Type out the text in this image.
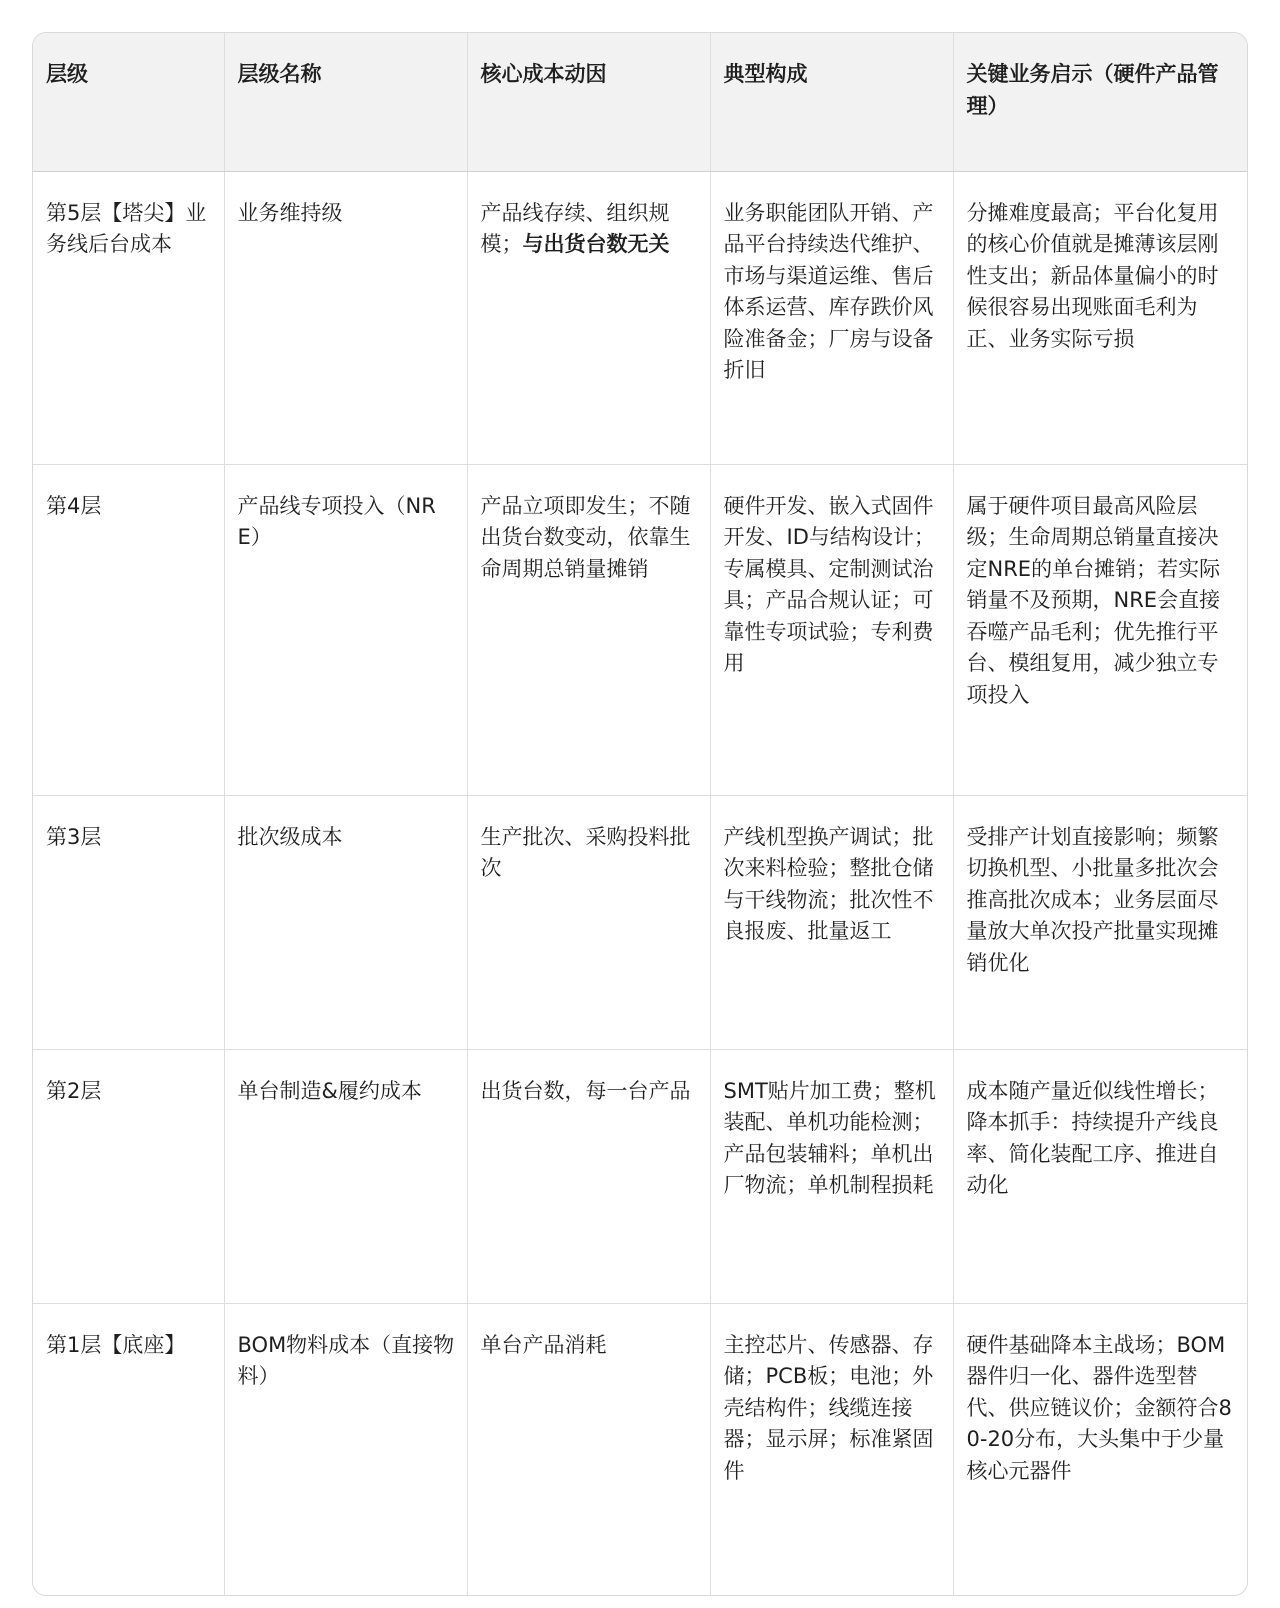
层级	层级名称	核心成本动因	典型构成	关键业务启示（硬件产品管理）
第5层【塔尖】业务线后台成本	业务维持级	产品线存续、组织规模；与出货台数无关	业务职能团队开销、产品平台持续迭代维护、市场与渠道运维、售后体系运营、库存跌价风险准备金；厂房与设备折旧	分摊难度最高；平台化复用的核心价值就是摊薄该层刚性支出；新品体量偏小的时候很容易出现账面毛利为正、业务实际亏损
第4层	产品线专项投入（NRE）	产品立项即发生；不随出货台数变动，依靠生命周期总销量摊销	硬件开发、嵌入式固件开发、ID与结构设计；专属模具、定制测试治具；产品合规认证；可靠性专项试验；专利费用	属于硬件项目最高风险层级；生命周期总销量直接决定NRE的单台摊销；若实际销量不及预期，NRE会直接吞噬产品毛利；优先推行平台、模组复用，减少独立专项投入
第3层	批次级成本	生产批次、采购投料批次	产线机型换产调试；批次来料检验；整批仓储与干线物流；批次性不良报废、批量返工	受排产计划直接影响；频繁切换机型、小批量多批次会推高批次成本；业务层面尽量放大单次投产批量实现摊销优化
第2层	单台制造&履约成本	出货台数，每一台产品	SMT贴片加工费；整机装配、单机功能检测；产品包装辅料；单机出厂物流；单机制程损耗	成本随产量近似线性增长；降本抓手：持续提升产线良率、简化装配工序、推进自动化
第1层【底座】	BOM物料成本（直接物料）	单台产品消耗	主控芯片、传感器、存储；PCB板；电池；外壳结构件；线缆连接器；显示屏；标准紧固件	硬件基础降本主战场；BOM器件归一化、器件选型替代、供应链议价；金额符合80-20分布，大头集中于少量核心元器件
